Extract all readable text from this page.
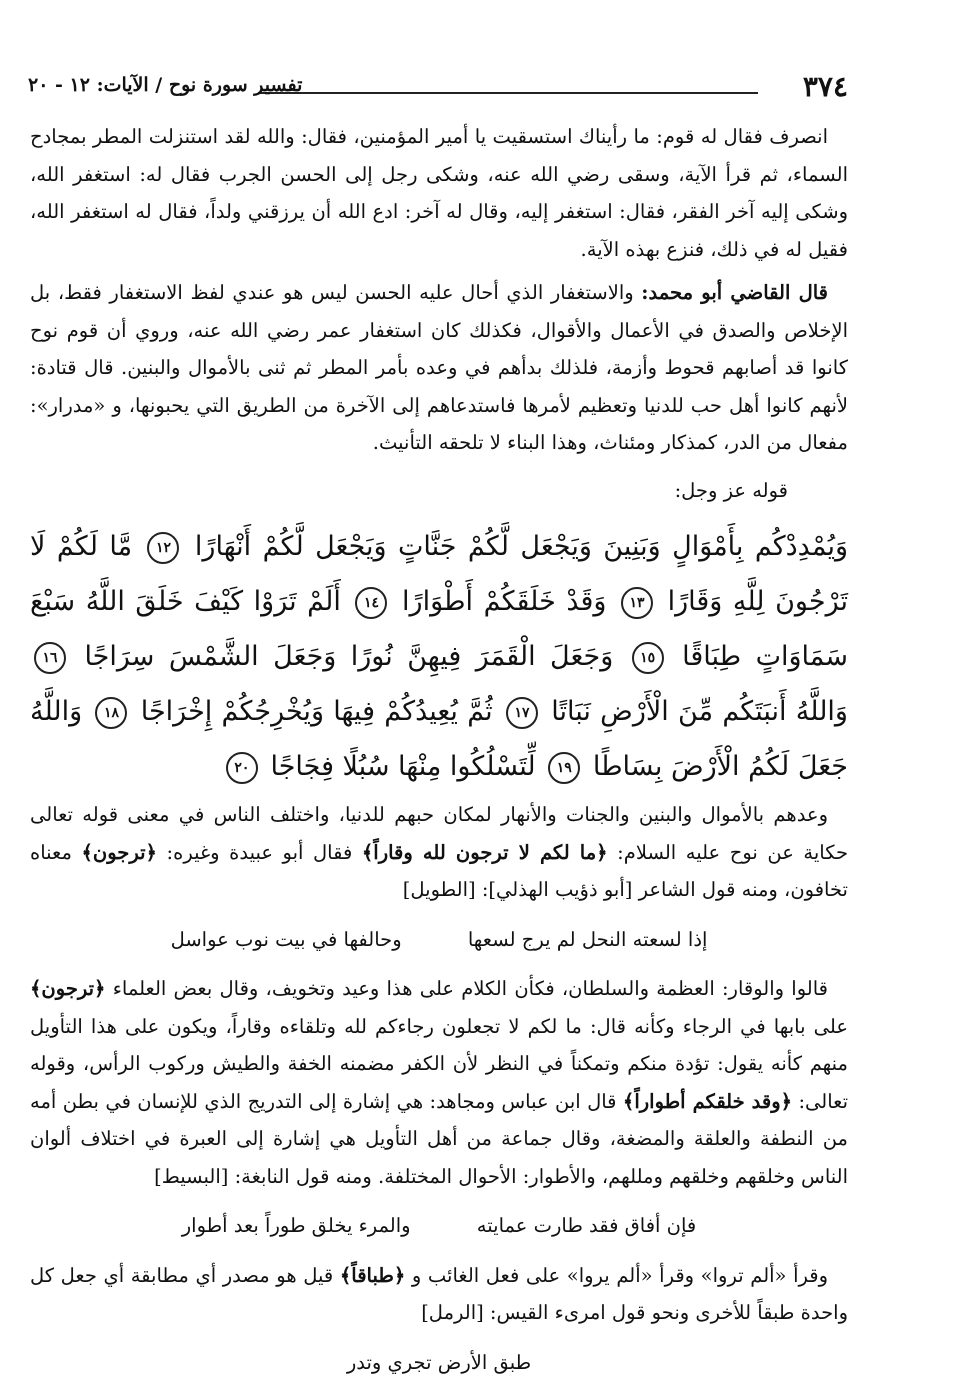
٣٧٤
تفسير سورة نوح / الآيات: ١٢ - ٢٠

انصرف فقال له قوم: ما رأيناك استسقيت يا أمير المؤمنين، فقال: والله لقد استنزلت المطر بمجادح السماء، ثم قرأ الآية، وسقى رضي الله عنه، وشكى رجل إلى الحسن الجرب فقال له: استغفر الله، وشكى إليه آخر الفقر، فقال: استغفر إليه، وقال له آخر: ادع الله أن يرزقني ولداً، فقال له استغفر الله، فقيل له في ذلك، فنزع بهذه الآية.

قال القاضي أبو محمد: والاستغفار الذي أحال عليه الحسن ليس هو عندي لفظ الاستغفار فقط، بل الإخلاص والصدق في الأعمال والأقوال، فكذلك كان استغفار عمر رضي الله عنه، وروي أن قوم نوح كانوا قد أصابهم قحوط وأزمة، فلذلك بدأهم في وعده بأمر المطر ثم ثنى بالأموال والبنين. قال قتادة: لأنهم كانوا أهل حب للدنيا وتعظيم لأمرها فاستدعاهم إلى الآخرة من الطريق التي يحبونها، و «مدرار»: مفعال من الدر، كمذكار ومئناث، وهذا البناء لا تلحقه التأنيث.

قوله عز وجل:

وَيُمْدِدْكُم بِأَمْوَالٍ وَبَنِينَ وَيَجْعَل لَّكُمْ جَنَّاتٍ وَيَجْعَل لَّكُمْ أَنْهَارًا ١٢ مَّا لَكُمْ لَا تَرْجُونَ لِلَّهِ وَقَارًا ١٣ وَقَدْ خَلَقَكُمْ أَطْوَارًا ١٤ أَلَمْ تَرَوْا كَيْفَ خَلَقَ اللَّهُ سَبْعَ سَمَاوَاتٍ طِبَاقًا ١٥ وَجَعَلَ الْقَمَرَ فِيهِنَّ نُورًا وَجَعَلَ الشَّمْسَ سِرَاجًا ١٦ وَاللَّهُ أَنبَتَكُم مِّنَ الْأَرْضِ نَبَاتًا ١٧ ثُمَّ يُعِيدُكُمْ فِيهَا وَيُخْرِجُكُمْ إِخْرَاجًا ١٨ وَاللَّهُ جَعَلَ لَكُمُ الْأَرْضَ بِسَاطًا ١٩ لِّتَسْلُكُوا مِنْهَا سُبُلًا فِجَاجًا ٢٠

وعدهم بالأموال والبنين والجنات والأنهار لمكان حبهم للدنيا، واختلف الناس في معنى قوله تعالى حكاية عن نوح عليه السلام: ﴿ما لكم لا ترجون لله وقاراً﴾ فقال أبو عبيدة وغيره: ﴿ترجون﴾ معناه تخافون، ومنه قول الشاعر [أبو ذؤيب الهذلي]: [الطويل]

إذا لسعته النحل لم يرج لسعها وحالفها في بيت نوب عواسل

قالوا والوقار: العظمة والسلطان، فكأن الكلام على هذا وعيد وتخويف، وقال بعض العلماء ﴿ترجون﴾ على بابها في الرجاء وكأنه قال: ما لكم لا تجعلون رجاءكم لله وتلقاءه وقاراً، ويكون على هذا التأويل منهم كأنه يقول: تؤدة منكم وتمكناً في النظر لأن الكفر مضمنه الخفة والطيش وركوب الرأس، وقوله تعالى: ﴿وقد خلقكم أطواراً﴾ قال ابن عباس ومجاهد: هي إشارة إلى التدريج الذي للإنسان في بطن أمه من النطفة والعلقة والمضغة، وقال جماعة من أهل التأويل هي إشارة إلى العبرة في اختلاف ألوان الناس وخلقهم وخلقهم ومللهم، والأطوار: الأحوال المختلفة. ومنه قول النابغة: [البسيط]

فإن أفاق فقد طارت عمايته والمرء يخلق طوراً بعد أطوار

وقرأ «ألم تروا» وقرأ «ألم يروا» على فعل الغائب و ﴿طباقاً﴾ قيل هو مصدر أي مطابقة أي جعل كل واحدة طبقاً للأخرى ونحو قول امرىء القيس: [الرمل]

طبق الأرض تجري وتدر
